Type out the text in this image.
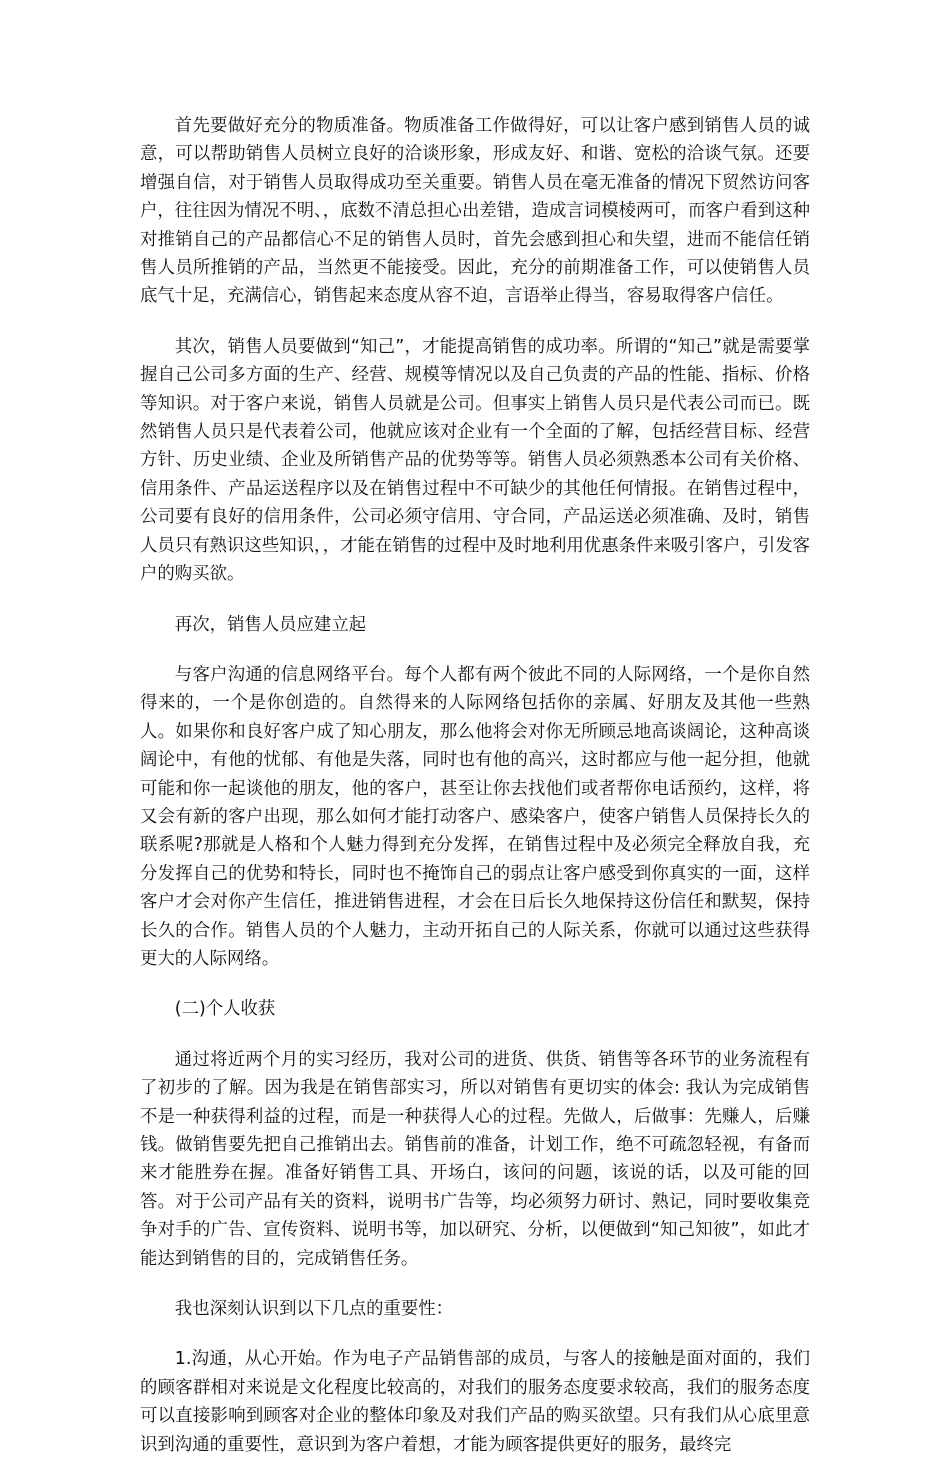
首先要做好充分的物质准备。物质准备工作做得好，可以让客户感到销售人员的诚意，可以帮助销售人员树立良好的洽谈形象，形成友好、和谐、宽松的洽谈气氛。还要增强自信，对于销售人员取得成功至关重要。销售人员在毫无准备的情况下贸然访问客户，往往因为情况不明、，底数不清总担心出差错，造成言词模棱两可，而客户看到这种对推销自己的产品都信心不足的销售人员时，首先会感到担心和失望，进而不能信任销售人员所推销的产品，当然更不能接受。因此，充分的前期准备工作，可以使销售人员底气十足，充满信心，销售起来态度从容不迫，言语举止得当，容易取得客户信任。

其次，销售人员要做到“知己”，才能提高销售的成功率。所谓的“知己”就是需要掌握自己公司多方面的生产、经营、规模等情况以及自己负责的产品的性能、指标、价格等知识。对于客户来说，销售人员就是公司。但事实上销售人员只是代表公司而已。既然销售人员只是代表着公司，他就应该对企业有一个全面的了解，包括经营目标、经营方针、历史业绩、企业及所销售产品的优势等等。销售人员必须熟悉本公司有关价格、信用条件、产品运送程序以及在销售过程中不可缺少的其他任何情报。在销售过程中，公司要有良好的信用条件，公司必须守信用、守合同，产品运送必须准确、及时，销售人员只有熟识这些知识，，才能在销售的过程中及时地利用优惠条件来吸引客户，引发客户的购买欲。

再次，销售人员应建立起

与客户沟通的信息网络平台。每个人都有两个彼此不同的人际网络，一个是你自然得来的，一个是你创造的。自然得来的人际网络包括你的亲属、好朋友及其他一些熟人。如果你和良好客户成了知心朋友，那么他将会对你无所顾忌地高谈阔论，这种高谈阔论中，有他的忧郁、有他是失落，同时也有他的高兴，这时都应与他一起分担，他就可能和你一起谈他的朋友，他的客户，甚至让你去找他们或者帮你电话预约，这样，将又会有新的客户出现，那么如何才能打动客户、感染客户，使客户销售人员保持长久的联系呢?那就是人格和个人魅力得到充分发挥，在销售过程中及必须完全释放自我，充分发挥自己的优势和特长，同时也不掩饰自己的弱点让客户感受到你真实的一面，这样客户才会对你产生信任，推进销售进程，才会在日后长久地保持这份信任和默契，保持长久的合作。销售人员的个人魅力，主动开拓自己的人际关系，你就可以通过这些获得更大的人际网络。

(二)个人收获

通过将近两个月的实习经历，我对公司的进货、供货、销售等各环节的业务流程有了初步的了解。因为我是在销售部实习，所以对销售有更切实的体会: 我认为完成销售不是一种获得利益的过程，而是一种获得人心的过程。先做人，后做事：先赚人，后赚钱。做销售要先把自己推销出去。销售前的准备，计划工作，绝不可疏忽轻视，有备而来才能胜券在握。准备好销售工具、开场白，该问的问题，该说的话，以及可能的回答。对于公司产品有关的资料，说明书广告等，均必须努力研讨、熟记，同时要收集竞争对手的广告、宣传资料、说明书等，加以研究、分析，以便做到“知己知彼”，如此才能达到销售的目的，完成销售任务。

我也深刻认识到以下几点的重要性：

1.沟通，从心开始。作为电子产品销售部的成员，与客人的接触是面对面的，我们的顾客群相对来说是文化程度比较高的，对我们的服务态度要求较高，我们的服务态度可以直接影响到顾客对企业的整体印象及对我们产品的购买欲望。只有我们从心底里意识到沟通的重要性，意识到为客户着想，才能为顾客提供更好的服务，最终完
